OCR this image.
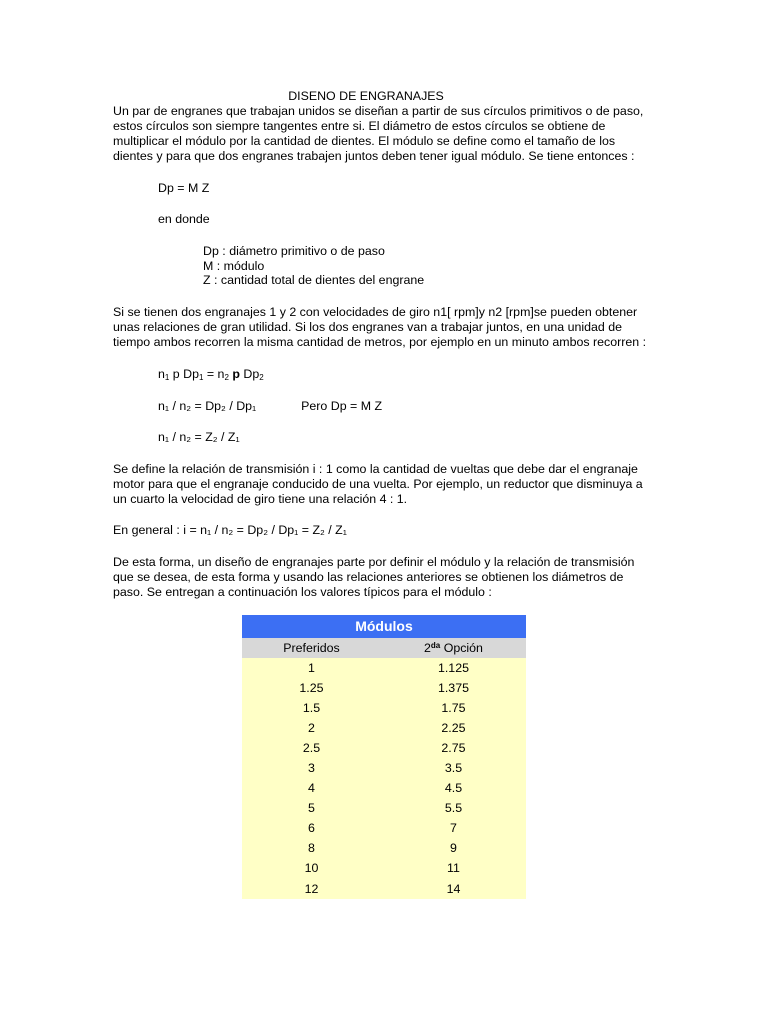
DISENO DE ENGRANAJES
Un par de engranes que trabajan unidos se diseñan a partir de sus círculos primitivos o de paso,
estos círculos son siempre tangentes entre si. El diámetro de estos círculos se obtiene de
multiplicar el módulo por la cantidad de dientes. El módulo se define como el tamaño de los
dientes y para que dos engranes trabajen juntos deben tener igual módulo. Se tiene entonces :
Dp = M Z
en donde
Dp : diámetro primitivo o de paso
M : módulo
Z : cantidad total de dientes del engrane
Si se tienen dos engranajes 1 y 2 con velocidades de giro n1[ rpm]y n2 [rpm]se pueden obtener
unas relaciones de gran utilidad. Si los dos engranes van a trabajar juntos, en una unidad de
tiempo ambos recorren la misma cantidad de metros, por ejemplo en un minuto ambos recorren :
$n_1$ p $Dp_1 = n_2$ p $Dp_2$
n₁ / n₂ = Dp₂ / Dp₁	Pero Dp = M Z
n₁ / n₂ = Z₂ / Z₁
Se define la relación de transmisión i : 1 como la cantidad de vueltas que debe dar el engranaje
motor para que el engranaje conducido de una vuelta. Por ejemplo, un reductor que disminuya a
un cuarto la velocidad de giro tiene una relación 4 : 1.
En general : i = n₁ / n₂ = Dp₂ / Dp₁ = Z₂ / Z₁
De esta forma, un diseño de engranajes parte por definir el módulo y la relación de transmisión
que se desea, de esta forma y usando las relaciones anteriores se obtienen los diámetros de
paso. Se entregan a continuación los valores típicos para el módulo :
Módulos	
Preferidos	$2^{da}$ Opción
1	1.125
1.25	1.375
1.5	1.75
2	2.25
2.5	2.75
3	3.5
4	4.5
5	5.5
6	7
8	9
10	11
12	14
